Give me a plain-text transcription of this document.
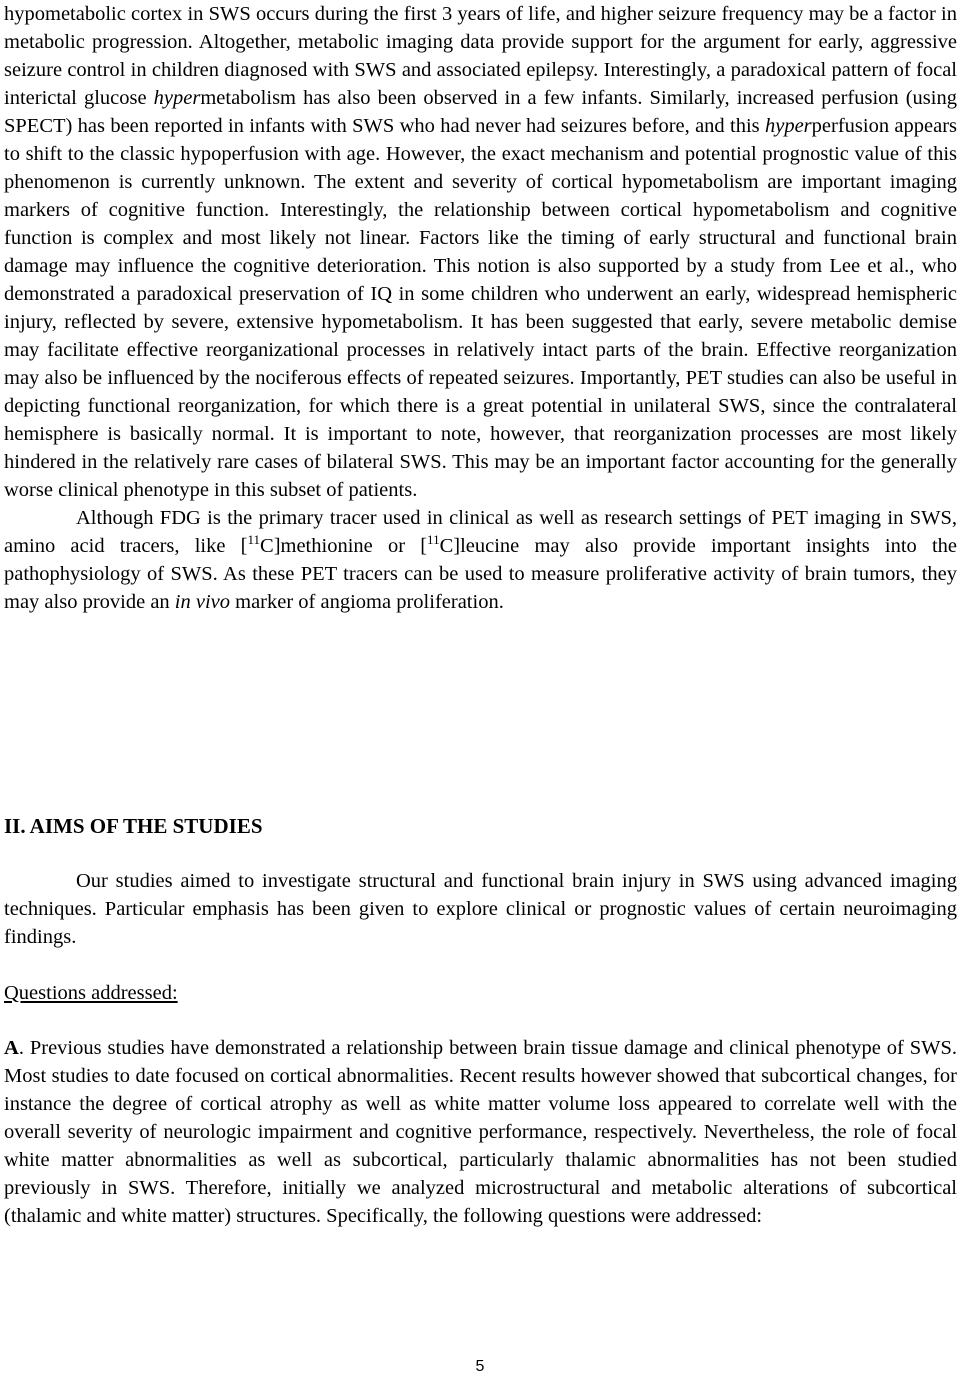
hypometabolic cortex in SWS occurs during the first 3 years of life, and higher seizure frequency may be a factor in metabolic progression. Altogether, metabolic imaging data provide support for the argument for early, aggressive seizure control in children diagnosed with SWS and associated epilepsy. Interestingly, a paradoxical pattern of focal interictal glucose hypermetabolism has also been observed in a few infants. Similarly, increased perfusion (using SPECT) has been reported in infants with SWS who had never had seizures before, and this hyperperfusion appears to shift to the classic hypoperfusion with age. However, the exact mechanism and potential prognostic value of this phenomenon is currently unknown. The extent and severity of cortical hypometabolism are important imaging markers of cognitive function. Interestingly, the relationship between cortical hypometabolism and cognitive function is complex and most likely not linear. Factors like the timing of early structural and functional brain damage may influence the cognitive deterioration. This notion is also supported by a study from Lee et al., who demonstrated a paradoxical preservation of IQ in some children who underwent an early, widespread hemispheric injury, reflected by severe, extensive hypometabolism. It has been suggested that early, severe metabolic demise may facilitate effective reorganizational processes in relatively intact parts of the brain. Effective reorganization may also be influenced by the nociferous effects of repeated seizures. Importantly, PET studies can also be useful in depicting functional reorganization, for which there is a great potential in unilateral SWS, since the contralateral hemisphere is basically normal. It is important to note, however, that reorganization processes are most likely hindered in the relatively rare cases of bilateral SWS. This may be an important factor accounting for the generally worse clinical phenotype in this subset of patients.

Although FDG is the primary tracer used in clinical as well as research settings of PET imaging in SWS, amino acid tracers, like [$^{11}$C]methionine or [$^{11}$C]leucine may also provide important insights into the pathophysiology of SWS. As these PET tracers can be used to measure proliferative activity of brain tumors, they may also provide an in vivo marker of angioma proliferation.

II. AIMS OF THE STUDIES

Our studies aimed to investigate structural and functional brain injury in SWS using advanced imaging techniques. Particular emphasis has been given to explore clinical or prognostic values of certain neuroimaging findings.

Questions addressed:

A. Previous studies have demonstrated a relationship between brain tissue damage and clinical phenotype of SWS. Most studies to date focused on cortical abnormalities. Recent results however showed that subcortical changes, for instance the degree of cortical atrophy as well as white matter volume loss appeared to correlate well with the overall severity of neurologic impairment and cognitive performance, respectively. Nevertheless, the role of focal white matter abnormalities as well as subcortical, particularly thalamic abnormalities has not been studied previously in SWS. Therefore, initially we analyzed microstructural and metabolic alterations of subcortical (thalamic and white matter) structures. Specifically, the following questions were addressed:

5
